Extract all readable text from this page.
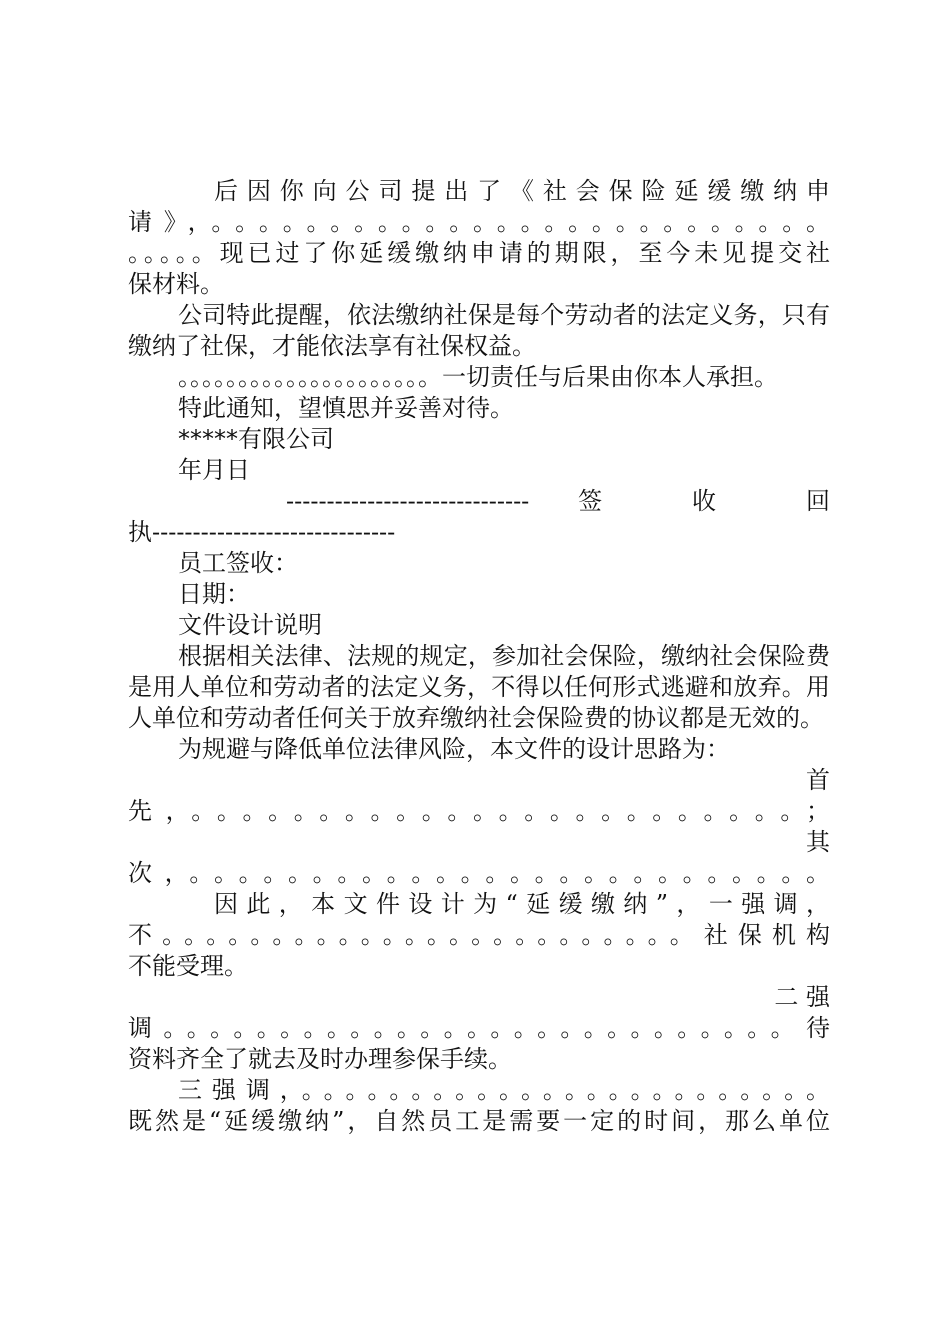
后因你向公司提出了《社会保险延缓缴纳申
请》，。。。。。。。。。。。。。。。。。。。。。。。。。。
。。。。。现已过了你延缓缴纳申请的期限，至今未见提交社
保材料。
公司特此提醒，依法缴纳社保是每个劳动者的法定义务，只有缴纳了社保，才能依法享有社保权益。
。。。。。。。。。。。。。。。。。。。。。一切责任与后果由你本人承担。
特此通知，望慎思并妥善对待。
*****有限公司
年月日
------------------------------ 签 收 回
执------------------------------
员工签收：
日期：
文件设计说明
根据相关法律、法规的规定，参加社会保险，缴纳社会保险费是用人单位和劳动者的法定义务，不得以任何形式逃避和放弃。用人单位和劳动者任何关于放弃缴纳社会保险费的协议都是无效的。
为规避与降低单位法律风险，本文件的设计思路为：
首
先，。。。。。。。。。。。。。。。。。。。。。。。。；
其
次，。。。。。。。。。。。。。。。。。。。。。。。。。。
因此，本文件设计为“延缓缴纳”，一强调，
不。。。。。。。。。。。。。。。。。。。。。。。。社保机构
不能受理。
二 强
调。。。。。。。。。。。。。。。。。。。。。。。。。。。待
资料齐全了就去及时办理参保手续。
三强调，。。。。。。。。。。。。。。。。。。。。。。。。
既然是“延缓缴纳”，自然员工是需要一定的时间，那么单位
